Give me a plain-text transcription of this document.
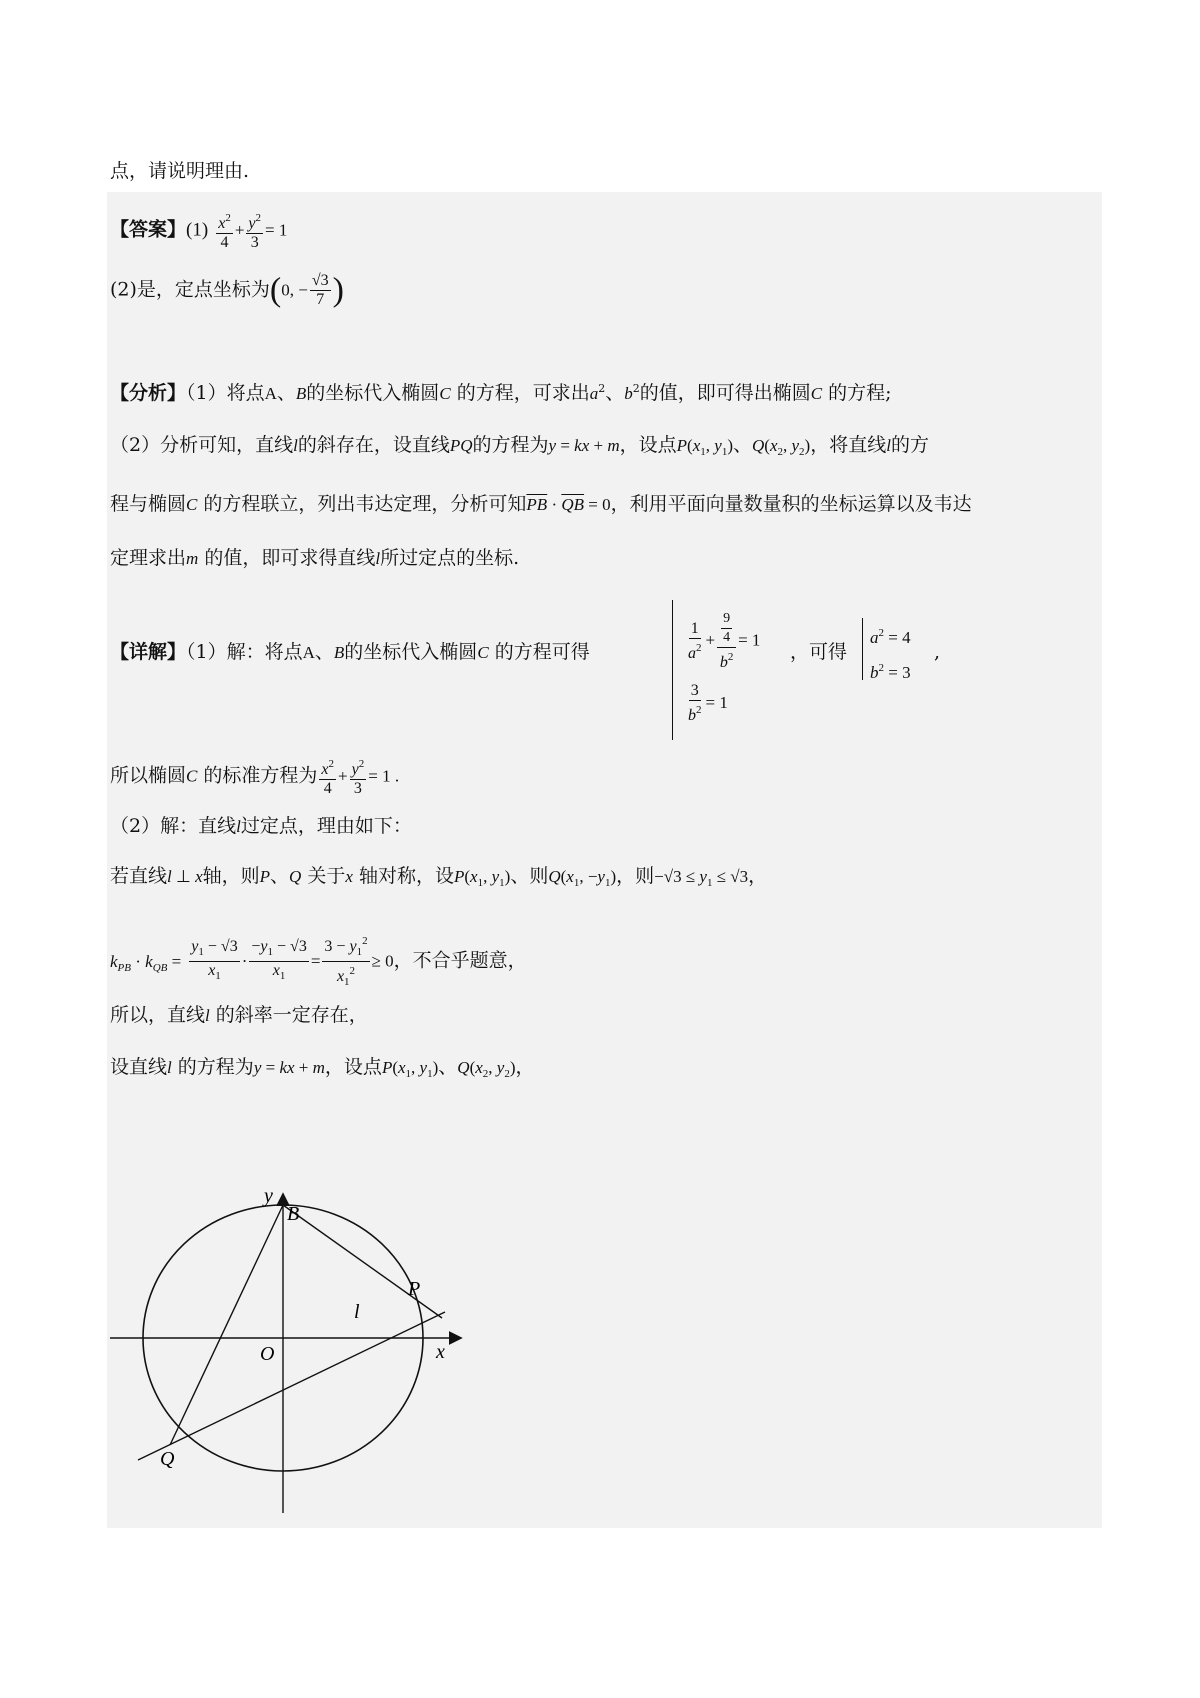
点，请说明理由.
【答案】$(1) \frac{x^2}{4} + \frac{y^2}{3} = 1$
(2)是，定点坐标为(0, − $\frac{√3}{7}$ )
【分析】（1）将点A、B的坐标代入椭圆C 的方程，可求出$a^2$、$b^2$的值，即可得出椭圆C 的方程;
（2）分析可知，直线l的斜存在，设直线PQ的方程为y = kx + m，设点$P(x_1$, $y_1$)、$Q(x_2$, $y_2$)，将直线l的方
程与椭圆C 的方程联立，列出韦达定理，分析可知$\overline{PB} \cdot \overline{QB} = 0$，利用平面向量数量积的坐标运算以及韦达
定理求出m 的值，即可求得直线l所过定点的坐标.
【详解】（1）解：将点A、B的坐标代入椭圆C 的方程可得	$\frac{1}{a^2} + \frac{\frac{9}{4}}{b^2} = 1$
$\frac{3}{b^2} = 1$
，可得
$a^2 = 4$
$b^2 = 3$
,
所以椭圆C 的标准方程为 $\frac{x^2}{4} + \frac{y^2}{3} = 1$ .
（2）解：直线l过定点，理由如下：
若直线l ⊥ x轴，则P、Q 关于x 轴对称，设$P(x_1$, $y_1$)、则$Q(x_1$, $-y_1$)，则$-√3 \le y_1 \le √3$，
$k_{PB} \cdot k_{QB} = \frac{y_1 - √3}{x_1} \cdot \frac{-y_1 - √3}{x_1} = \frac{3 - y_1^2}{x_1^2} \ge 0$，不合乎题意，
所以，直线l 的斜率一定存在，
设直线l 的方程为y = kx + m，设点$P(x_1$, $y_1$)、$Q(x_2$, $y_2$)，
y
B
P
l
O	x
Q
